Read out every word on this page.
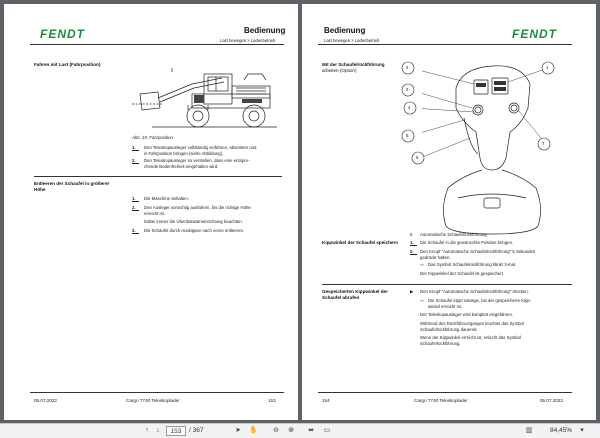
FENDT	Bedienung
Last bewegen > Ladenbetrieb
Fahren mit Last (Fahrposition)
Abb. 15: Fahrposition
1. Den Teleskopausleger vollständig einfahren, absenken und
in Fahrposition bringen (siehe Abbildung).
2. Den Teleskopausleger so verstellen, dass eine entspre-
chende Bodenfreiheit eingehalten wird.
Entleeren der Schaufel in größerer
Höhe
1. Die Maschine anhalten.
2. Den Ausleger vorsichtig ausfahren, bis die richtige Höhe
erreicht ist.
Dabei immer die Überlastwarneinrichtung beachten.
3. Die Schaufel durch Auskippen nach vorne entleeren.
05.07.2022	Cargo T740 Teleskoplader	153
Bedienung	FENDT
Last bewegen > Ladenbetrieb
Mit der Schaufelrückführung
arbeiten (Option)
1
2
3
4
5
6
7
5 Automatische Schaufelrückführung
Kippwinkel der Schaufel speichern	1. Die Schaufel in die gewünschte Position bringen.
2. Den Knopf "Automatische Schaufelrückführung" 5 Sekunden
gedrückt halten.
⇨ Das Symbol Schaufelrückführung blinkt 3-mal.
Der Kippwinkel der Schaufel ist gespeichert.
Gespeicherten Kippwinkel der
Schaufel abrufen
▶ Den Knopf "Automatische Schaufelrückführung" drücken.
⇨ Die Schaufel kippt solange, bis der gespeicherte Kipp-
winkel erreicht ist.
Der Teleskopausleger wird komplett eingefahren.
Während des Rückführvorganges leuchtet das Symbol
Schaufelrückführung dauernd.
Wenn der Kippwinkel erreicht ist, erlischt das Symbol
Schaufelrückführung.
154	Cargo T740 Teleskoplader	05.07.2022
↑	↓	153	/ 367	➤ ✋ ⊖ ⊕ ⬌ ▭	▥	84,45%	▾
